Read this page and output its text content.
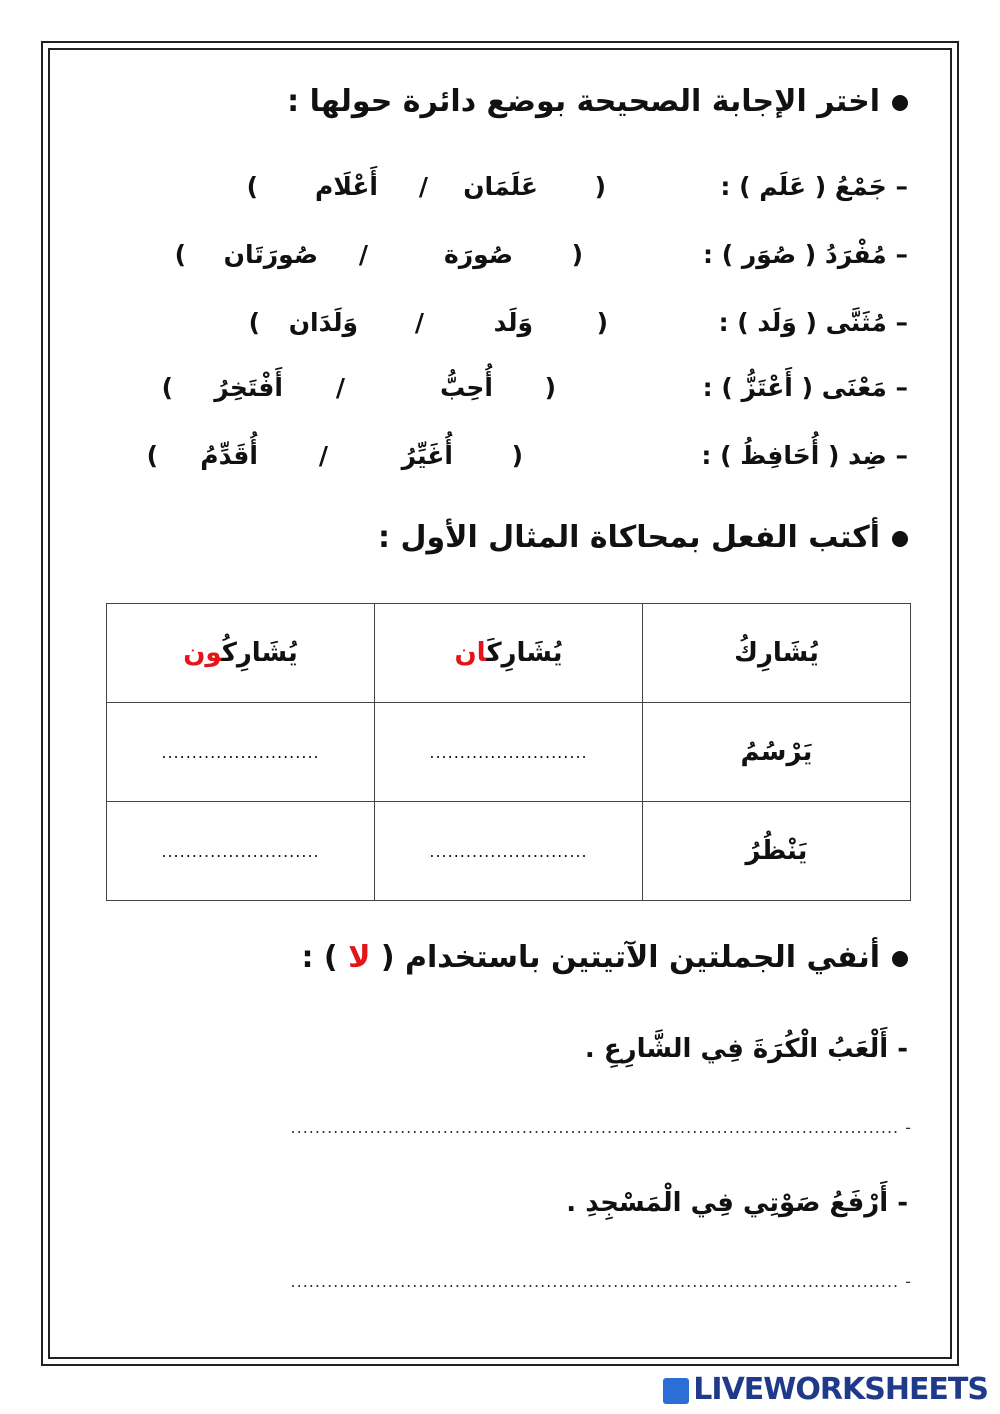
اختر الإجابة الصحيحة بوضع دائرة حولها :
– جَمْعُ ( عَلَم ) :
(
عَلَمَان
/
أَعْلَام
)
– مُفْرَدُ ( صُوَر ) :
(
صُورَة
/
صُورَتَان
)
– مُثَنَّى ( وَلَد ) :
(
وَلَد
/
وَلَدَان
)
– مَعْنَى ( أَعْتَزُّ ) :
(
أُحِبُّ
/
أَفْتَخِرُ
)
– ضِد ( أُحَافِظُ ) :
(
أُغَيِّرُ
/
أُقَدِّمُ
)
أكتب الفعل بمحاكاة المثال الأول :
يُشَارِكُ	يُشَارِكَان	يُشَارِكُون
يَرْسُمُ	..........................	..........................
يَنْظُرُ	..........................	..........................
أنفي الجملتين الآتيتين باستخدام ( لا ) :
- أَلْعَبُ الْكُرَةَ فِي الشَّارِعِ .
- ....................................................................................................
- أَرْفَعُ صَوْتِي فِي الْمَسْجِدِ .
- ....................................................................................................
LIVEWORKSHEETS
